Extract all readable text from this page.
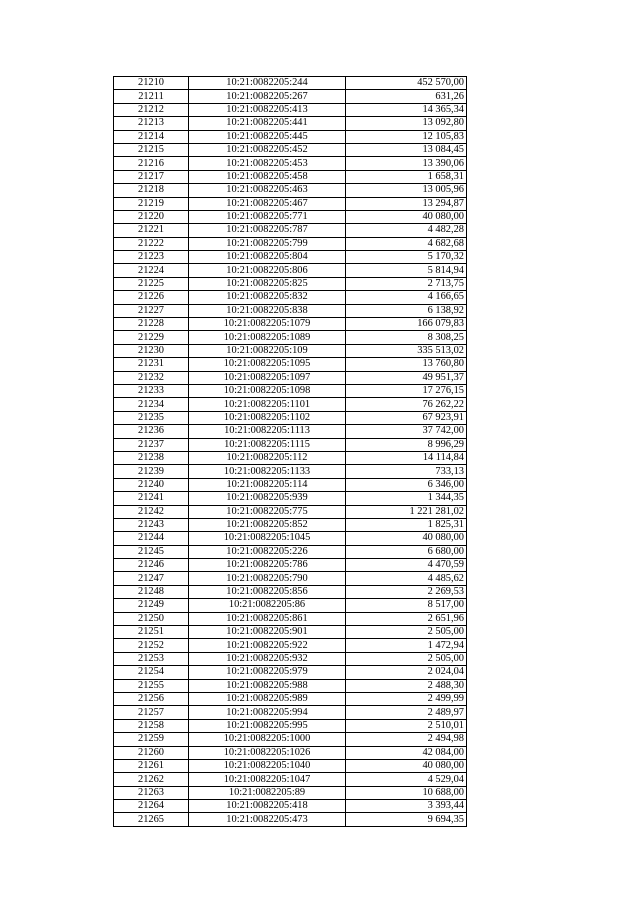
21210	10:21:0082205:244	452 570,00
21211	10:21:0082205:267	631,26
21212	10:21:0082205:413	14 365,34
21213	10:21:0082205:441	13 092,80
21214	10:21:0082205:445	12 105,83
21215	10:21:0082205:452	13 084,45
21216	10:21:0082205:453	13 390,06
21217	10:21:0082205:458	1 658,31
21218	10:21:0082205:463	13 005,96
21219	10:21:0082205:467	13 294,87
21220	10:21:0082205:771	40 080,00
21221	10:21:0082205:787	4 482,28
21222	10:21:0082205:799	4 682,68
21223	10:21:0082205:804	5 170,32
21224	10:21:0082205:806	5 814,94
21225	10:21:0082205:825	2 713,75
21226	10:21:0082205:832	4 166,65
21227	10:21:0082205:838	6 138,92
21228	10:21:0082205:1079	166 079,83
21229	10:21:0082205:1089	8 308,25
21230	10:21:0082205:109	335 513,02
21231	10:21:0082205:1095	13 760,80
21232	10:21:0082205:1097	49 951,37
21233	10:21:0082205:1098	17 276,15
21234	10:21:0082205:1101	76 262,22
21235	10:21:0082205:1102	67 923,91
21236	10:21:0082205:1113	37 742,00
21237	10:21:0082205:1115	8 996,29
21238	10:21:0082205:112	14 114,84
21239	10:21:0082205:1133	733,13
21240	10:21:0082205:114	6 346,00
21241	10:21:0082205:939	1 344,35
21242	10:21:0082205:775	1 221 281,02
21243	10:21:0082205:852	1 825,31
21244	10:21:0082205:1045	40 080,00
21245	10:21:0082205:226	6 680,00
21246	10:21:0082205:786	4 470,59
21247	10:21:0082205:790	4 485,62
21248	10:21:0082205:856	2 269,53
21249	10:21:0082205:86	8 517,00
21250	10:21:0082205:861	2 651,96
21251	10:21:0082205:901	2 505,00
21252	10:21:0082205:922	1 472,94
21253	10:21:0082205:932	2 505,00
21254	10:21:0082205:979	2 024,04
21255	10:21:0082205:988	2 488,30
21256	10:21:0082205:989	2 499,99
21257	10:21:0082205:994	2 489,97
21258	10:21:0082205:995	2 510,01
21259	10:21:0082205:1000	2 494,98
21260	10:21:0082205:1026	42 084,00
21261	10:21:0082205:1040	40 080,00
21262	10:21:0082205:1047	4 529,04
21263	10:21:0082205:89	10 688,00
21264	10:21:0082205:418	3 393,44
21265	10:21:0082205:473	9 694,35
